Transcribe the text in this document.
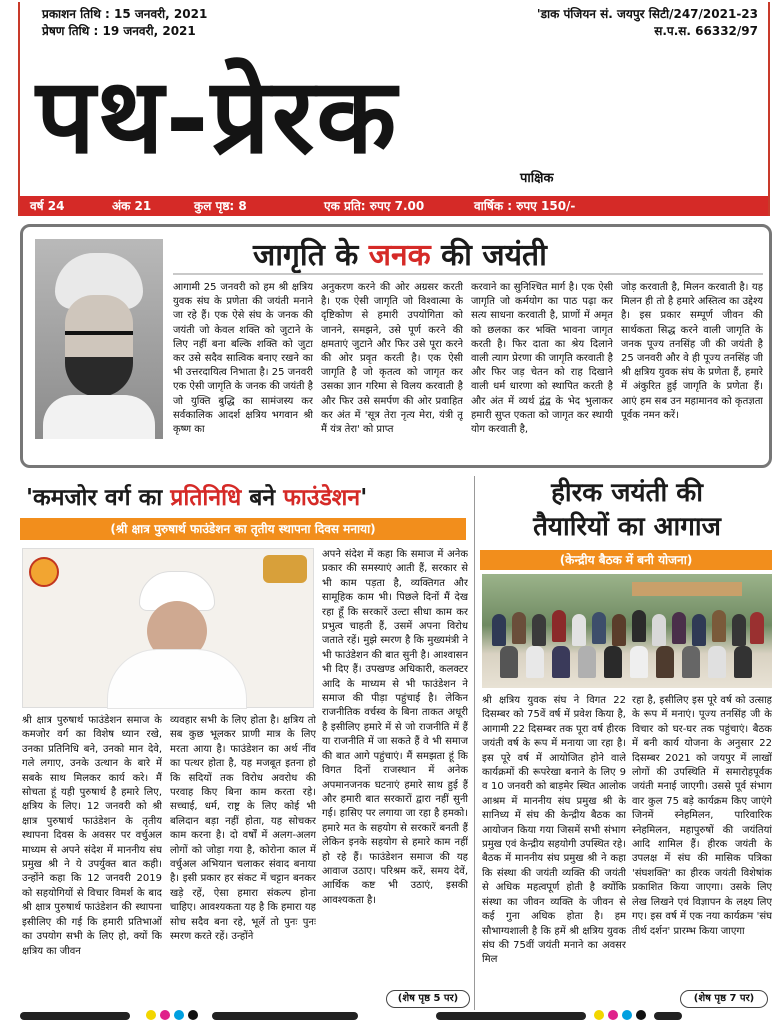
प्रकाशन तिथि : 15 जनवरी, 2021
प्रेषण तिथि : 19 जनवरी, 2021
'डाक पंजियन सं. जयपुर सिटी/247/2021-23
स.प.स. 66332/97
पथ-प्रेरक
पाक्षिक
वर्ष 24	अंक 21	कुल पृष्ठ: 8	एक प्रति: रुपए 7.00	वार्षिक : रुपए 150/-
जागृति के जनक की जयंती
आगामी 25 जनवरी को हम श्री क्षत्रिय युवक संघ के प्रणेता की जयंती मनाने जा रहे हैं। एक ऐसे संघ के जनक की जयंती जो केवल शक्ति को जुटाने के लिए नहीं बना बल्कि शक्ति को जुटा कर उसे सदैव सात्विक बनाए रखने का भी उत्तरदायित्व निभाता है। 25 जनवरी एक ऐसी जागृति के जनक की जयंती है जो युक्ति बुद्धि का सामंजस्य कर सर्वकालिक आदर्श क्षत्रिय भगवान श्री कृष्ण का
अनुकरण करने की ओर अग्रसर करती है। एक ऐसी जागृति जो विश्वात्मा के दृष्टिकोण से हमारी उपयोगिता को जानने, समझने, उसे पूर्ण करने की क्षमताएं जुटाने और फिर उसे पूरा करने की ओर प्रवृत करती है। एक ऐसी जागृति है जो कृतत्व को जागृत कर उसका ज्ञान गरिमा से विलय करवाती है और फिर उसे समर्पण की ओर प्रवाहित कर अंत में 'सूत्र तेरा नृत्य मेरा, यंत्री तू मैं यंत्र तेरा' को प्राप्त
करवाने का सुनिश्चित मार्ग है। एक ऐसी जागृति जो कर्मयोग का पाठ पढ़ा कर सत्य साधना करवाती है, प्राणों में अमृत को छलका कर भक्ति भावना जागृत करती है। फिर दाता का श्रेय दिलाने वाली त्याग प्रेरणा की जागृति करवाती है और फिर जड़ चेतन को राह दिखाने वाली धर्म धारणा को स्थापित करती है और अंत में व्यर्थ द्वंद्व के भेद भुलाकर हमारी सुप्त एकता को जागृत कर स्थायी योग करवाती है,
जोड़ करवाती है, मिलन करवाती है। यह मिलन ही तो है हमारे अस्तित्व का उद्देश्य है। इस प्रकार सम्पूर्ण जीवन की सार्थकता सिद्ध करने वाली जागृति के जनक पूज्य तनसिंह जी की जयंती है 25 जनवरी और वे ही पूज्य तनसिंह जी श्री क्षत्रिय युवक संघ के प्रणेता हैं, हमारे में अंकुरित हुई जागृति के प्रणेता हैं। आएं हम सब उन महामानव को कृतज्ञता पूर्वक नमन करें।
'कमजोर वर्ग का प्रतिनिधि बने फाउंडेशन'
(श्री क्षात्र पुरुषार्थ फाउंडेशन का तृतीय स्थापना दिवस मनाया)
श्री क्षात्र पुरुषार्थ फाउंडेशन समाज के कमजोर वर्ग का विशेष ध्यान रखे, उनका प्रतिनिधि बने, उनको मान देवे, गले लगाए, उनके उत्थान के बारे में सबके साथ मिलकर कार्य करे। मैं सोचता हूं यही पुरुषार्थ है हमारे लिए, क्षत्रिय के लिए। 12 जनवरी को श्री क्षात्र पुरुषार्थ फाउंडेशन के तृतीय स्थापना दिवस के अवसर पर वर्चुअल माध्यम से अपने संदेश में माननीय संघ प्रमुख श्री ने ये उपर्युक्त बात कही। उन्होंने कहा कि 12 जनवरी 2019 को सहयोगियों से विचार विमर्श के बाद श्री क्षात्र पुरुषार्थ फाउंडेशन की स्थापना इसीलिए की गई कि हमारी प्रतिभाओं का उपयोग सभी के लिए हो, क्यों कि क्षत्रिय का जीवन
व्यवहार सभी के लिए होता है। क्षत्रिय तो सब कुछ भूलकर प्राणी मात्र के लिए मरता आया है। फाउंडेशन का अर्थ नींव का पत्थर होता है, यह मजबूत इतना हो कि सदियों तक विरोध अवरोध की परवाह किए बिना काम करता रहे। सच्चाई, धर्म, राष्ट्र के लिए कोई भी बलिदान बड़ा नहीं होता, यह सोचकर काम करना है। दो वर्षों में अलग-अलग लोगों को जोड़ा गया है, कोरोना काल में वर्चुअल अभियान चलाकर संवाद बनाया है। इसी प्रकार हर संकट में चट्टान बनकर खड़े रहें, ऐसा हमारा संकल्प होना चाहिए। आवश्यकता यह है कि हमारा यह सोच सदैव बना रहे, भूलें तो पुनः पुनः स्मरण करते रहें। उन्होंने
अपने संदेश में कहा कि समाज में अनेक प्रकार की समस्याएं आती हैं, सरकार से भी काम पड़ता है, व्यक्तिगत और सामूहिक काम भी। पिछले दिनों मैं देख रहा हूँ कि सरकारें उल्टा सीधा काम कर प्रभुत्व चाहती हैं, उसमें अपना विरोध जताते रहें। मुझे स्मरण है कि मुख्यमंत्री ने भी फाउंडेशन की बात सुनी है। आश्वासन भी दिए हैं। उपखण्ड अधिकारी, कलक्टर आदि के माध्यम से भी फाउंडेशन ने समाज की पीड़ा पहुंचाई है। लेकिन राजनीतिक वर्चस्व के बिना ताकत अधूरी है इसीलिए हमारे में से जो राजनीति में हैं या राजनीति में जा सकते हैं वे भी समाज की बात आगे पहुंचाएं। मैं समझता हूं कि विगत दिनों राजस्थान में अनेक अपमानजनक घटनाएं हमारे साथ हुई हैं और हमारी बात सरकारों द्वारा नहीं सुनी गई। हासिए पर लगाया जा रहा है हमको। हमारे मत के सहयोग से सरकारें बनती हैं लेकिन इनके सहयोग से हमारे काम नहीं हो रहे हैं। फाउंडेशन समाज की यह आवाज उठाए। परिश्रम करें, समय देवें, आर्थिक कष्ट भी उठाएं, इसकी आवश्यकता है।
(शेष पृष्ठ 5 पर)
हीरक जयंती की
तैयारियों का आगाज
(केन्द्रीय बैठक में बनी योजना)
श्री क्षत्रिय युवक संघ ने विगत 22 दिसम्बर को 75वें वर्ष में प्रवेश किया है, आगामी 22 दिसम्बर तक पूरा वर्ष हीरक जयंती वर्ष के रूप में मनाया जा रहा है। इस पूरे वर्ष में आयोजित होने वाले कार्यक्रमों की रूपरेखा बनाने के लिए 9 व 10 जनवरी को बाड़मेर स्थित आलोक आश्रम में माननीय संघ प्रमुख श्री के सानिध्य में संघ की केन्द्रीय बैठक का आयोजन किया गया जिसमें सभी संभाग प्रमुख एवं केन्द्रीय सहयोगी उपस्थित रहे। बैठक में माननीय संघ प्रमुख श्री ने कहा कि संस्था की जयंती व्यक्ति की जयंती से अधिक महत्वपूर्ण होती है क्योंकि संस्था का जीवन व्यक्ति के जीवन से कई गुना अधिक होता है। हम सौभाग्यशाली है कि हमें श्री क्षत्रिय युवक संघ की 75वीं जयंती मनाने का अवसर मिल
रहा है, इसीलिए इस पूरे वर्ष को उत्साह के रूप में मनाएं। पूज्य तनसिंह जी के विचार को घर-घर तक पहुंचाएं। बैठक में बनी कार्य योजना के अनुसार 22 दिसम्बर 2021 को जयपुर में लाखों लोगों की उपस्थिति में समारोहपूर्वक जयंती मनाई जाएगी। उससे पूर्व संभाग वार कुल 75 बड़े कार्यक्रम किए जाएंगे जिनमें स्नेहमिलन, पारिवारिक स्नेहमिलन, महापुरुषों की जयंतियां आदि शामिल हैं। हीरक जयंती के उपलक्ष में संघ की मासिक पत्रिका 'संघशक्ति' का हीरक जयंती विशेषांक प्रकाशित किया जाएगा। उसके लिए लेख लिखने एवं विज्ञापन के लक्ष्य लिए गए। इस वर्ष में एक नया कार्यक्रम 'संघ तीर्थ दर्शन' प्रारम्भ किया जाएगा
(शेष पृष्ठ 7 पर)
